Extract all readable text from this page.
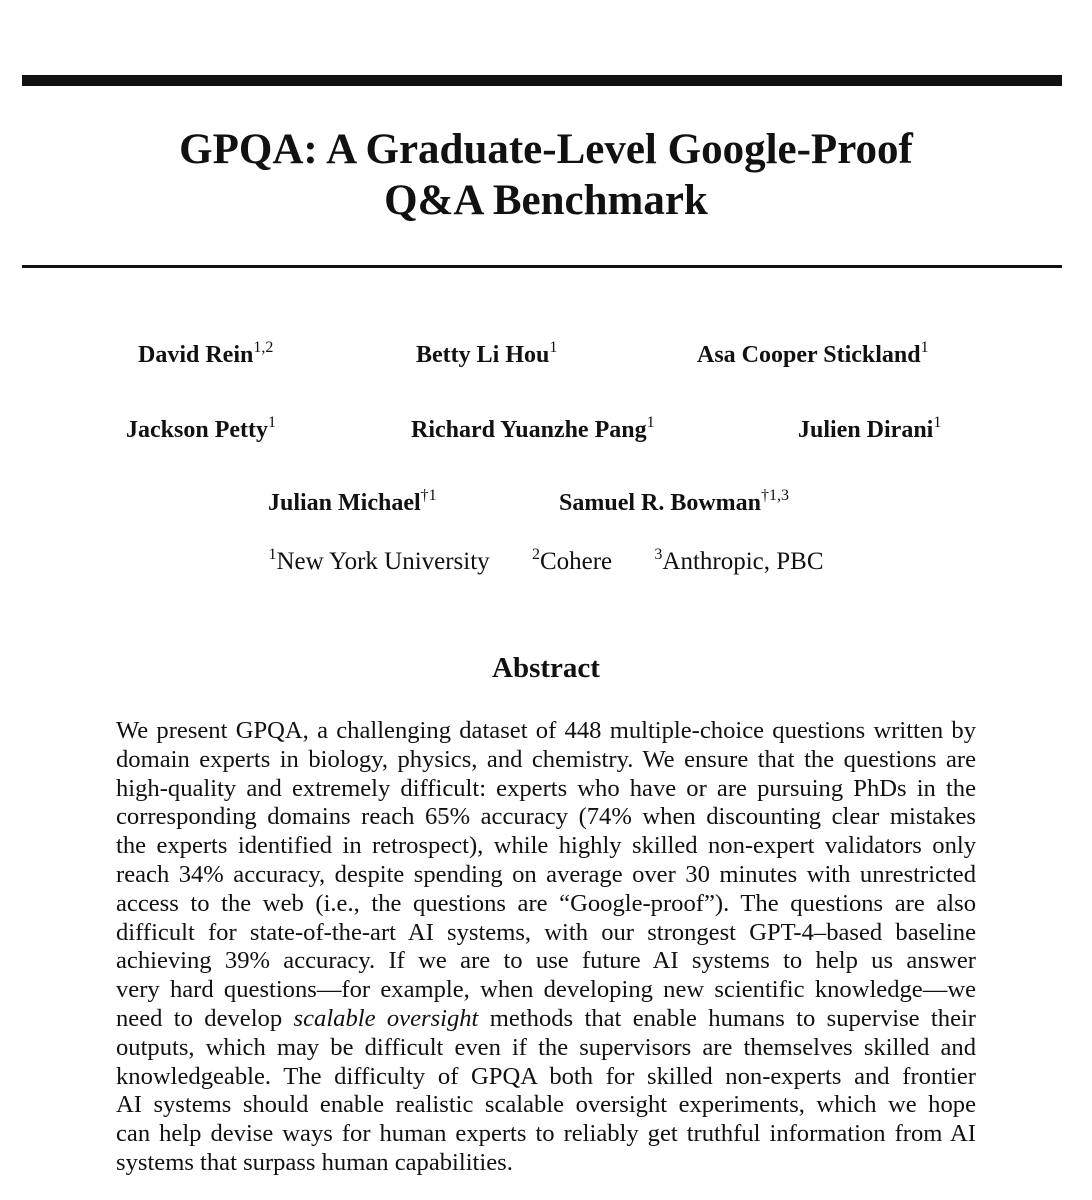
GPQA: A Graduate-Level Google-Proof
Q&A Benchmark
David Rein$^{1,2}$	Betty Li Hou$^1$	Asa Cooper Stickland$^1$
Jackson Petty$^1$	Richard Yuanzhe Pang$^1$	Julien Dirani$^1$
Julian Michael$^{\dagger 1}$	Samuel R. Bowman$^{\dagger 1,3}$
$^1$New York University	$^2$Cohere	$^3$Anthropic, PBC
Abstract
We present GPQA, a challenging dataset of 448 multiple-choice questions written by
domain experts in biology, physics, and chemistry. We ensure that the questions are
high-quality and extremely difficult: experts who have or are pursuing PhDs in the
corresponding domains reach 65% accuracy (74% when discounting clear mistakes
the experts identified in retrospect), while highly skilled non-expert validators only
reach 34% accuracy, despite spending on average over 30 minutes with unrestricted
access to the web (i.e., the questions are “Google-proof”). The questions are also
difficult for state-of-the-art AI systems, with our strongest GPT-4–based baseline
achieving 39% accuracy. If we are to use future AI systems to help us answer
very hard questions—for example, when developing new scientific knowledge—we
need to develop scalable oversight methods that enable humans to supervise their
outputs, which may be difficult even if the supervisors are themselves skilled and
knowledgeable. The difficulty of GPQA both for skilled non-experts and frontier
AI systems should enable realistic scalable oversight experiments, which we hope
can help devise ways for human experts to reliably get truthful information from AI
systems that surpass human capabilities.
